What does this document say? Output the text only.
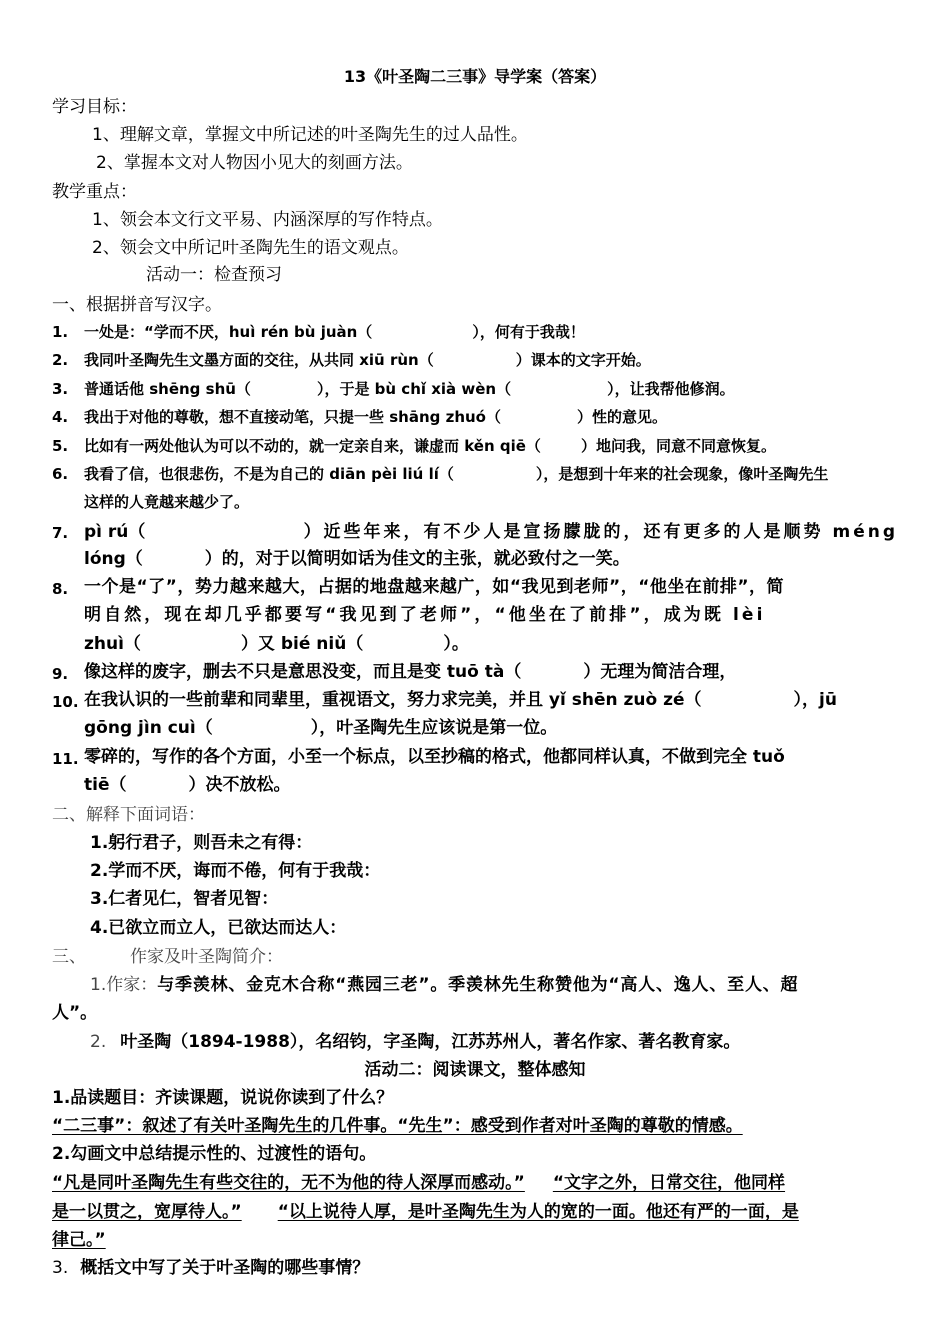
13《叶圣陶二三事》导学案（答案）
学习目标：
1、理解文章，掌握文中所记述的叶圣陶先生的过人品性。
2、掌握本文对人物因小见大的刻画方法。
教学重点：
1、领会本文行文平易、内涵深厚的写作特点。
2、领会文中所记叶圣陶先生的语文观点。
活动一：检查预习
一、根据拼音写汉字。
1.	一处是：“学而不厌，huì rén bù juàn（	），何有于我哉！
2.	我同叶圣陶先生文墨方面的交往，从共同 xiū rùn（	）课本的文字开始。
3.	普通话他 shēng shū（	），于是 bù chǐ xià wèn（	），让我帮他修润。
4.	我出于对他的尊敬，想不直接动笔，只提一些 shāng zhuó（	）性的意见。
5.	比如有一两处他认为可以不动的，就一定亲自来，谦虚而 kěn qiē（	）地问我，同意不同意恢复。
6.	我看了信，也很悲伤，不是为自己的 diān pèi liú lí（	），是想到十年来的社会现象，像叶圣陶先生
这样的人竟越来越少了。
7. pì rú（	）近些年来，有不少人是宣扬朦胧的，还有更多的人是顺势 méng
lóng（	）的，对于以简明如话为佳文的主张，就必致付之一笑。
8. 一个是“了”，势力越来越大，占据的地盘越来越广，如“我见到老师”，“他坐在前排”，简
明自然，现在却几乎都要写“我见到了老师”，“他坐在了前排”，成为既 lèi
zhuì（	）又 bié niǔ（	）。
9. 像这样的废字，删去不只是意思没变，而且是变 tuō tà（	）无理为简洁合理，
10. 在我认识的一些前辈和同辈里，重视语文，努力求完美，并且 yǐ shēn zuò zé（	），jū
gōng jìn cuì（	），叶圣陶先生应该说是第一位。
11. 零碎的，写作的各个方面，小至一个标点，以至抄稿的格式，他都同样认真，不做到完全 tuǒ
tiē（	）决不放松。
二、解释下面词语：
1.躬行君子，则吾未之有得：
2.学而不厌，诲而不倦，何有于我哉：
3.仁者见仁，智者见智：
4.已欲立而立人，已欲达而达人：
三、	作家及叶圣陶简介：
1.作家：与季羡林、金克木合称“燕园三老”。季羡林先生称赞他为“高人、逸人、至人、超
人”。
2. 叶圣陶（1894-1988），名绍钧，字圣陶，江苏苏州人，著名作家、著名教育家。
活动二：阅读课文，整体感知
1.品读题目：齐读课题，说说你读到了什么？
“二三事”：叙述了有关叶圣陶先生的几件事。“先生”：感受到作者对叶圣陶的尊敬的情感。
2.勾画文中总结提示性的、过渡性的语句。
“凡是同叶圣陶先生有些交往的，无不为他的待人深厚而感动。” “文字之外，日常交往，他同样
是一以贯之，宽厚待人。” “以上说待人厚，是叶圣陶先生为人的宽的一面。他还有严的一面，是
律己。”
3. 概括文中写了关于叶圣陶的哪些事情？
